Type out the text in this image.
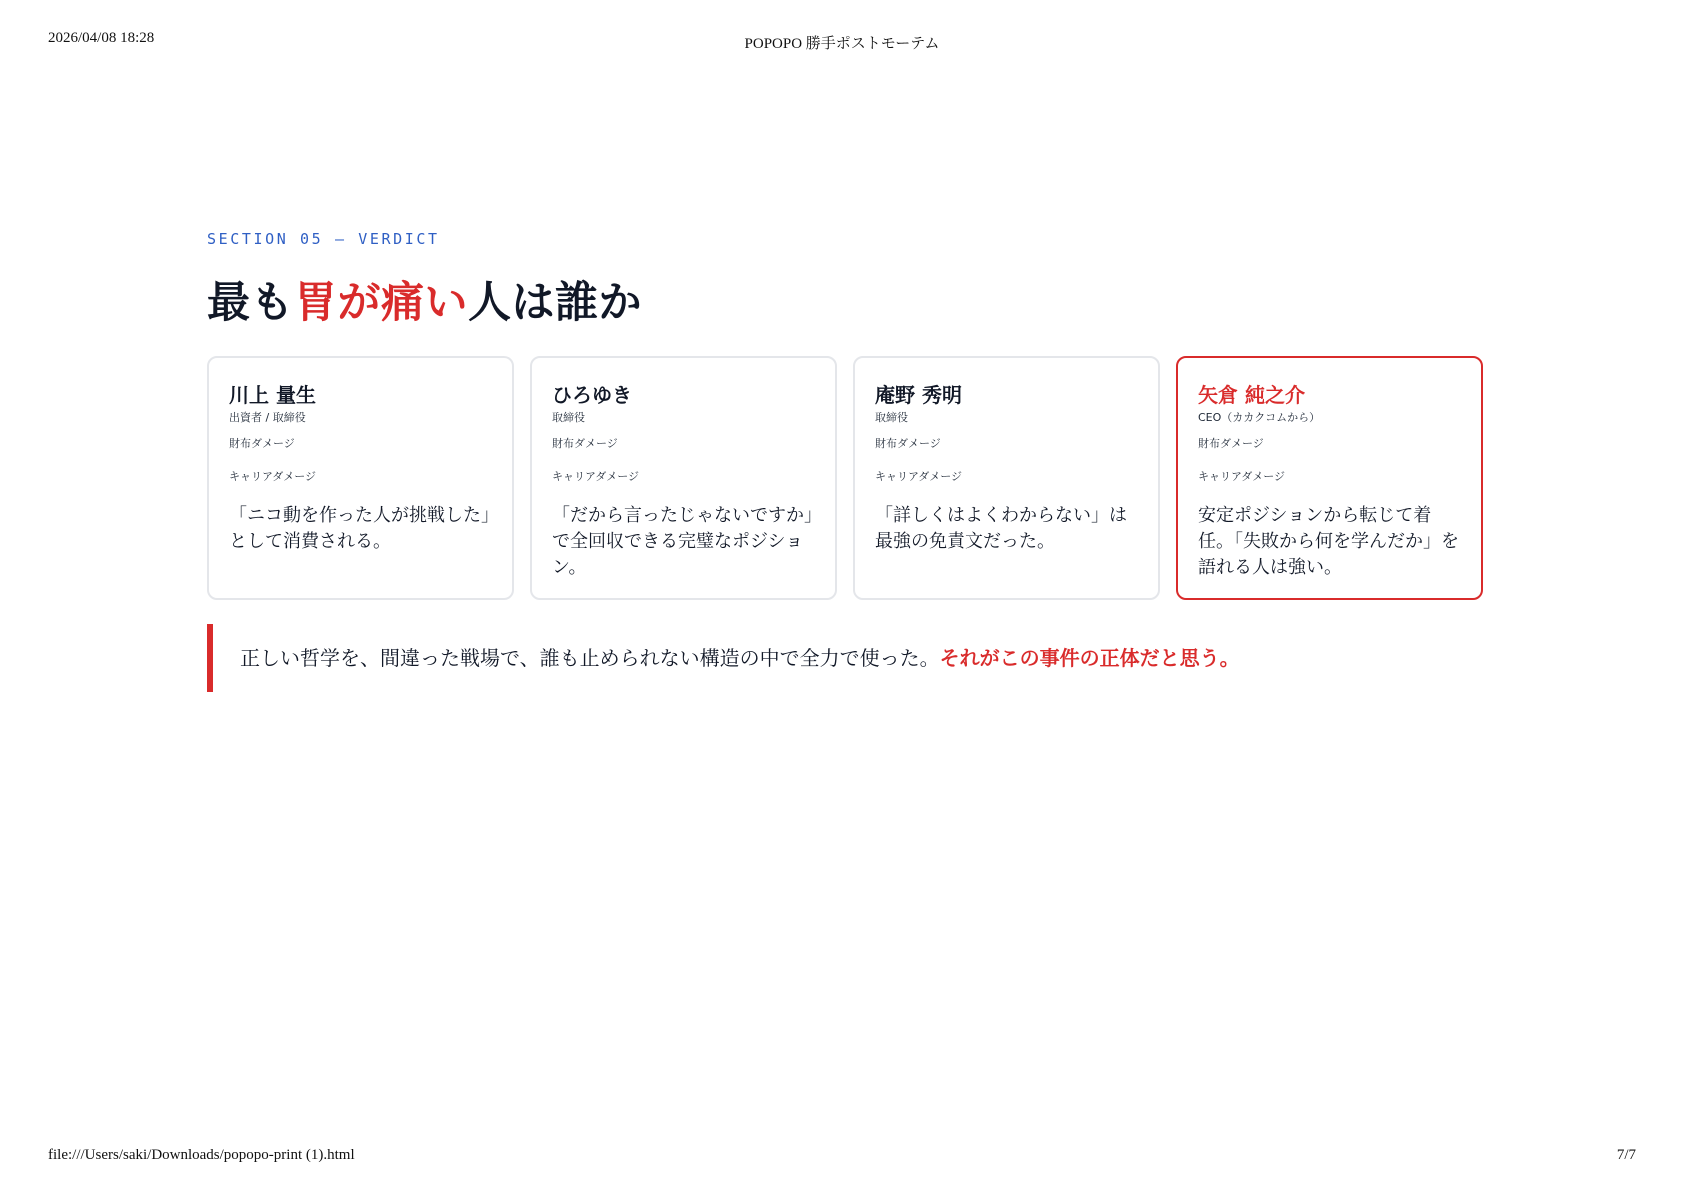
2026/04/08 18:28	POPOPO 勝手ポストモーテム

SECTION 05 — VERDICT

最も胃が痛い人は誰か
川上 量生
出資者 / 取締役
財布ダメージ
キャリアダメージ
「ニコ動を作った人が挑戦した」として消費される。
ひろゆき
取締役
財布ダメージ
キャリアダメージ
「だから言ったじゃないですか」で全回収できる完璧なポジション。
庵野 秀明
取締役
財布ダメージ
キャリアダメージ
「詳しくはよくわからない」は最強の免責文だった。
矢倉 純之介
CEO（カカクコムから）
財布ダメージ
キャリアダメージ
安定ポジションから転じて着任。「失敗から何を学んだか」を語れる人は強い。
正しい哲学を、間違った戦場で、誰も止められない構造の中で全力で使った。それがこの事件の正体だと思う。
file:///Users/saki/Downloads/popopo-print (1).html	7/7
